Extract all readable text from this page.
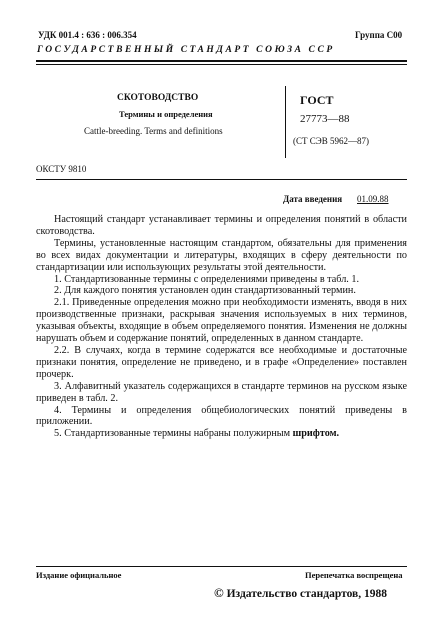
УДК 001.4 : 636 : 006.354	Группа С00
ГОСУДАРСТВЕННЫЙ СТАНДАРТ СОЮЗА ССР
СКОТОВОДСТВО
Термины и определения
Cattle-breeding. Terms and definitions
ГОСТ
27773—88
(СТ СЭВ 5962—87)
ОКСТУ 9810
Дата введения 01.09.88

Настоящий стандарт устанавливает термины и определения понятий в области скотоводства.

Термины, установленные настоящим стандартом, обязательны для применения во всех видах документации и литературы, входящих в сферу деятельности по стандартизации или использующих результаты этой деятельности.

1. Стандартизованные термины с определениями приведены в табл. 1.

2. Для каждого понятия установлен один стандартизованный термин.

2.1. Приведенные определения можно при необходимости изменять, вводя в них производственные признаки, раскрывая значения используемых в них терминов, указывая объекты, входящие в объем определяемого понятия. Изменения не должны нарушать объем и содержание понятий, определенных в данном стандарте.

2.2. В случаях, когда в термине содержатся все необходимые и достаточные признаки понятия, определение не приведено, и в графе «Определение» поставлен прочерк.

3. Алфавитный указатель содержащихся в стандарте терминов на русском языке приведен в табл. 2.

4. Термины и определения общебиологических понятий приведены в приложении.

5. Стандартизованные термины набраны полужирным шрифтом.

Издание официальное	Перепечатка воспрещена
© Издательство стандартов, 1988
